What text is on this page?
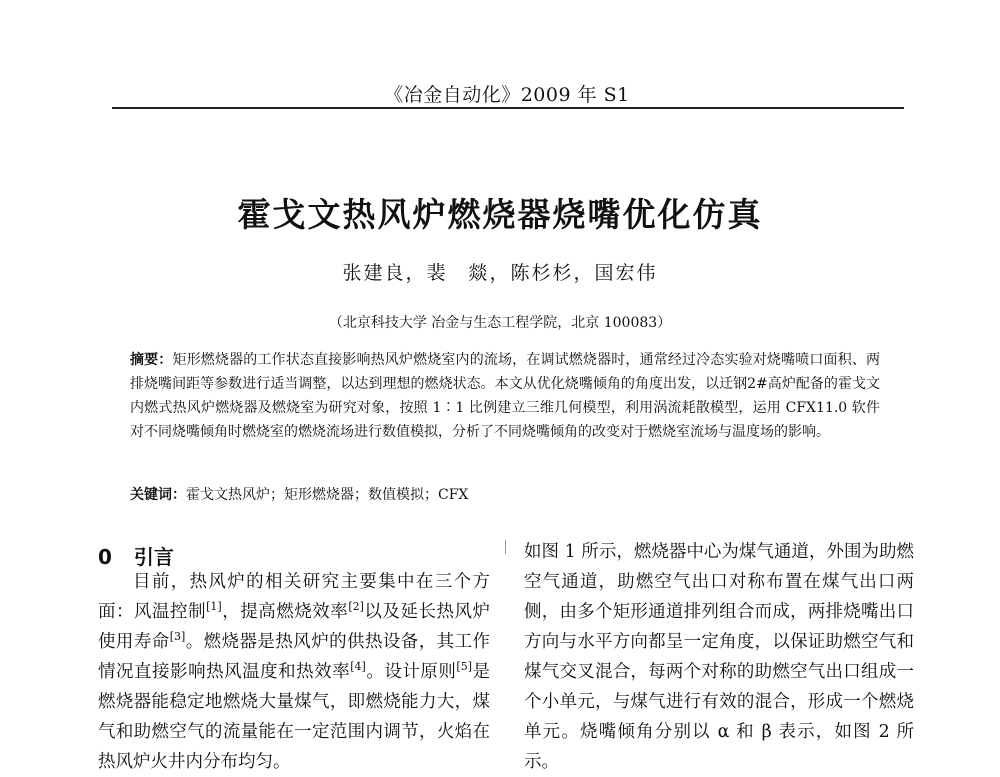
《冶金自动化》2009 年 S1
霍戈文热风炉燃烧器烧嘴优化仿真
张建良，裴　燚，陈杉杉，国宏伟
（北京科技大学 冶金与生态工程学院，北京 100083）
摘要：矩形燃烧器的工作状态直接影响热风炉燃烧室内的流场，在调试燃烧器时，通常经过冷态实验对烧嘴喷口面积、两排烧嘴间距等参数进行适当调整，以达到理想的燃烧状态。本文从优化烧嘴倾角的角度出发，以迁钢2#高炉配备的霍戈文内燃式热风炉燃烧器及燃烧室为研究对象，按照 1∶1 比例建立三维几何模型，利用涡流耗散模型，运用 CFX11.0 软件对不同烧嘴倾角时燃烧室的燃烧流场进行数值模拟，分析了不同烧嘴倾角的改变对于燃烧室流场与温度场的影响。
关键词：霍戈文热风炉；矩形燃烧器；数值模拟；CFX
0 引言
目前，热风炉的相关研究主要集中在三个方面：风温控制[1]，提高燃烧效率[2]以及延长热风炉使用寿命[3]。燃烧器是热风炉的供热设备，其工作情况直接影响热风温度和热效率[4]。设计原则[5]是燃烧器能稳定地燃烧大量煤气，即燃烧能力大，煤气和助燃空气的流量能在一定范围内调节，火焰在热风炉火井内分布均匀。
如图 1 所示，燃烧器中心为煤气通道，外围为助燃空气通道，助燃空气出口对称布置在煤气出口两侧，由多个矩形通道排列组合而成，两排烧嘴出口方向与水平方向都呈一定角度，以保证助燃空气和煤气交叉混合，每两个对称的助燃空气出口组成一个小单元，与煤气进行有效的混合，形成一个燃烧单元。烧嘴倾角分别以 α 和 β 表示，如图 2 所示。
